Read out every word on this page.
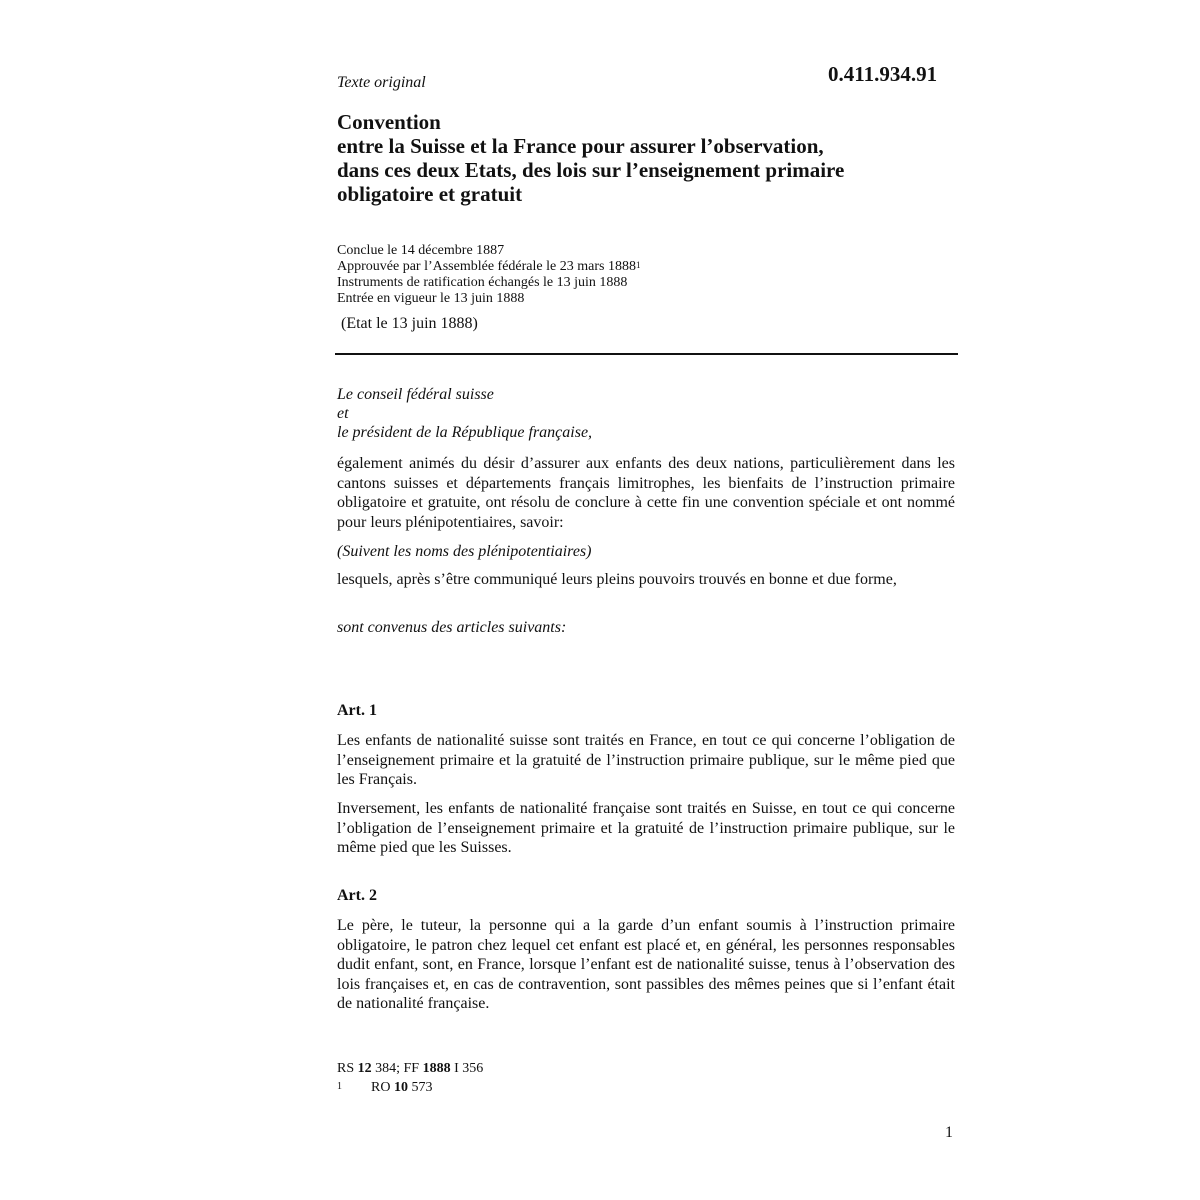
Texte original	0.411.934.91
Convention
entre la Suisse et la France pour assurer l’observation,
dans ces deux Etats, des lois sur l’enseignement primaire
obligatoire et gratuit
Conclue le 14 décembre 1887
Approuvée par l’Assemblée fédérale le 23 mars 1888$^1$
Instruments de ratification échangés le 13 juin 1888
Entrée en vigueur le 13 juin 1888
(Etat le 13 juin 1888)
Le conseil fédéral suisse
et
le président de la République française,
également animés du désir d’assurer aux enfants des deux nations, particulièrement dans les cantons suisses et départements français limitrophes, les bienfaits de l’instruction primaire obligatoire et gratuite, ont résolu de conclure à cette fin une convention spéciale et ont nommé pour leurs plénipotentiaires, savoir:
(Suivent les noms des plénipotentiaires)
lesquels, après s’être communiqué leurs pleins pouvoirs trouvés en bonne et due forme,
sont convenus des articles suivants:
Art. 1
Les enfants de nationalité suisse sont traités en France, en tout ce qui concerne l’obligation de l’enseignement primaire et la gratuité de l’instruction primaire publique, sur le même pied que les Français.
Inversement, les enfants de nationalité française sont traités en Suisse, en tout ce qui concerne l’obligation de l’enseignement primaire et la gratuité de l’instruction primaire publique, sur le même pied que les Suisses.
Art. 2
Le père, le tuteur, la personne qui a la garde d’un enfant soumis à l’instruction primaire obligatoire, le patron chez lequel cet enfant est placé et, en général, les personnes responsables dudit enfant, sont, en France, lorsque l’enfant est de nationalité suisse, tenus à l’observation des lois françaises et, en cas de contravention, sont passibles des mêmes peines que si l’enfant était de nationalité française.
RS 12 384; FF 1888 I 356
1 RO 10 573
1
